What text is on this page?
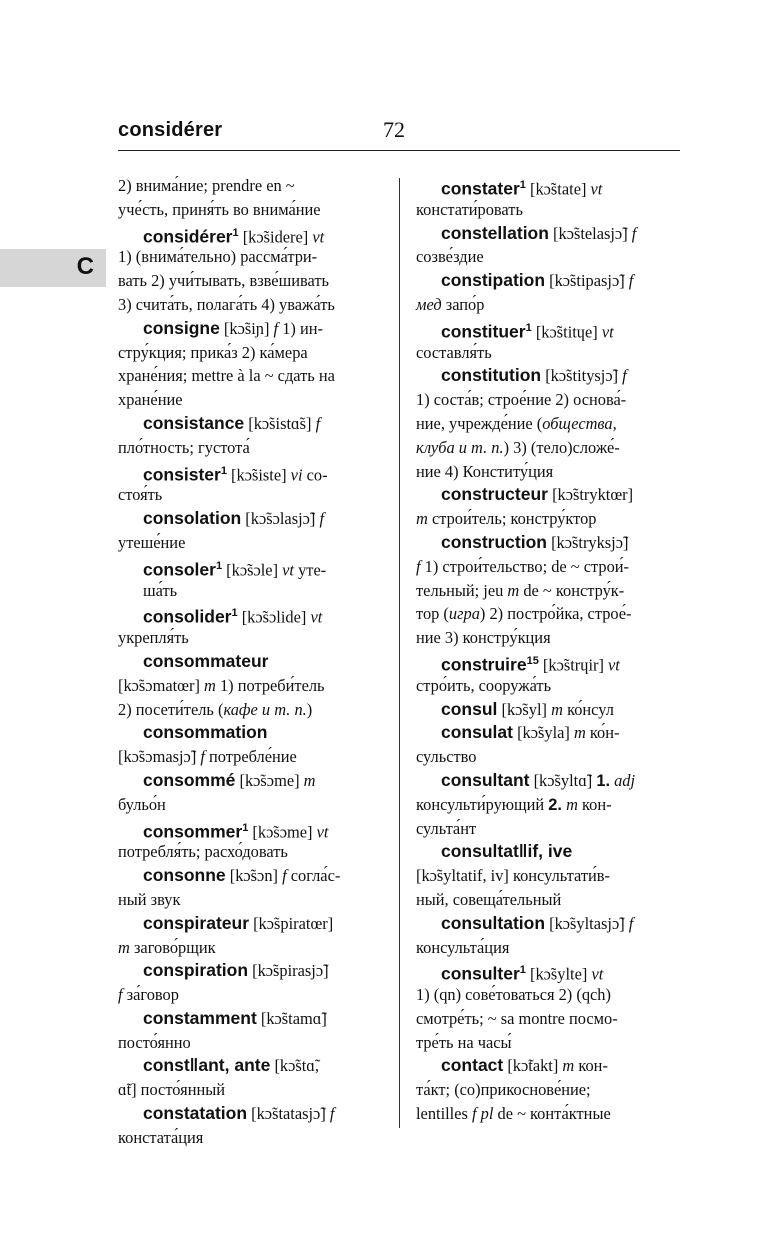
considérer	72
C
2) внима́ние; prendre en ~
уче́сть, приня́ть во внима́ние
considérer$^1$ [kɔ̃sidere] vt
1) (внима́тельно) рассма́три-
вать 2) учи́тывать, взве́шивать
3) счита́ть, полага́ть 4) уважа́ть
consigne [kɔ̃siɲ] f 1) ин-
стру́кция; прика́з 2) ка́мера
хране́ния; mettre à la ~ сдать на
хране́ние
consistance [kɔ̃sistɑ̃s] f
пло́тность; густота́
consister$^1$ [kɔ̃siste] vi со-
стоя́ть
consolation [kɔ̃sɔlasjɔ̃] f
утеше́ние
consoler$^1$ [kɔ̃sɔle] vt уте-
ша́ть
consolider$^1$ [kɔ̃sɔlide] vt
укрепля́ть
consommateur
[kɔ̃sɔmatœr] m 1) потреби́тель
2) посети́тель (кафе и т. п.)
consommation
[kɔ̃sɔmasjɔ̃] f потребле́ние
consommé [kɔ̃sɔme] m
бульо́н
consommer$^1$ [kɔ̃sɔme] vt
потребля́ть; расхо́довать
consonne [kɔ̃sɔn] f согла́с-
ный звук
conspirateur [kɔ̃spiratœr]
m загово́рщик
conspiration [kɔ̃spirasjɔ̃]
f за́говор
constamment [kɔ̃stamɑ̃]
посто́янно
const‖ant, ante [kɔ̃stɑ̃,
ɑ̃t] посто́янный
constatation [kɔ̃statasjɔ̃] f
констата́ция
constater$^1$ [kɔ̃state] vt
констати́ровать
constellation [kɔ̃stelasjɔ̃] f
созве́здие
constipation [kɔ̃stipasjɔ̃] f
мед запо́р
constituer$^1$ [kɔ̃stitɥe] vt
составля́ть
constitution [kɔ̃stitysjɔ̃] f
1) соста́в; строе́ние 2) основа́-
ние, учрежде́ние (общества,
клуба и т. п.) 3) (тело)сложе́-
ние 4) Конститу́ция
constructeur [kɔ̃stryktœr]
m строи́тель; констру́ктор
construction [kɔ̃stryksjɔ̃]
f 1) строи́тельство; de ~ строи́-
тельный; jeu m de ~ констру́к-
тор (игра) 2) постро́йка, строе́-
ние 3) констру́кция
construire$^{15}$ [kɔ̃strɥir] vt
стро́ить, сооружа́ть
consul [kɔ̃syl] m ко́нсул
consulat [kɔ̃syla] m ко́н-
сульство
consultant [kɔ̃syltɑ̃] 1. adj
консульти́рующий 2. m кон-
сульта́нт
consultat‖if, ive
[kɔ̃syltatif, iv] консультати́в-
ный, совеща́тельный
consultation [kɔ̃syltasjɔ̃] f
консульта́ция
consulter$^1$ [kɔ̃sylte] vt
1) (qn) сове́товаться 2) (qch)
смотре́ть; ~ sa montre посмо-
тре́ть на часы́
contact [kɔ̃takt] m кон-
та́кт; (со)прикоснове́ние;
lentilles f pl de ~ конта́ктные
